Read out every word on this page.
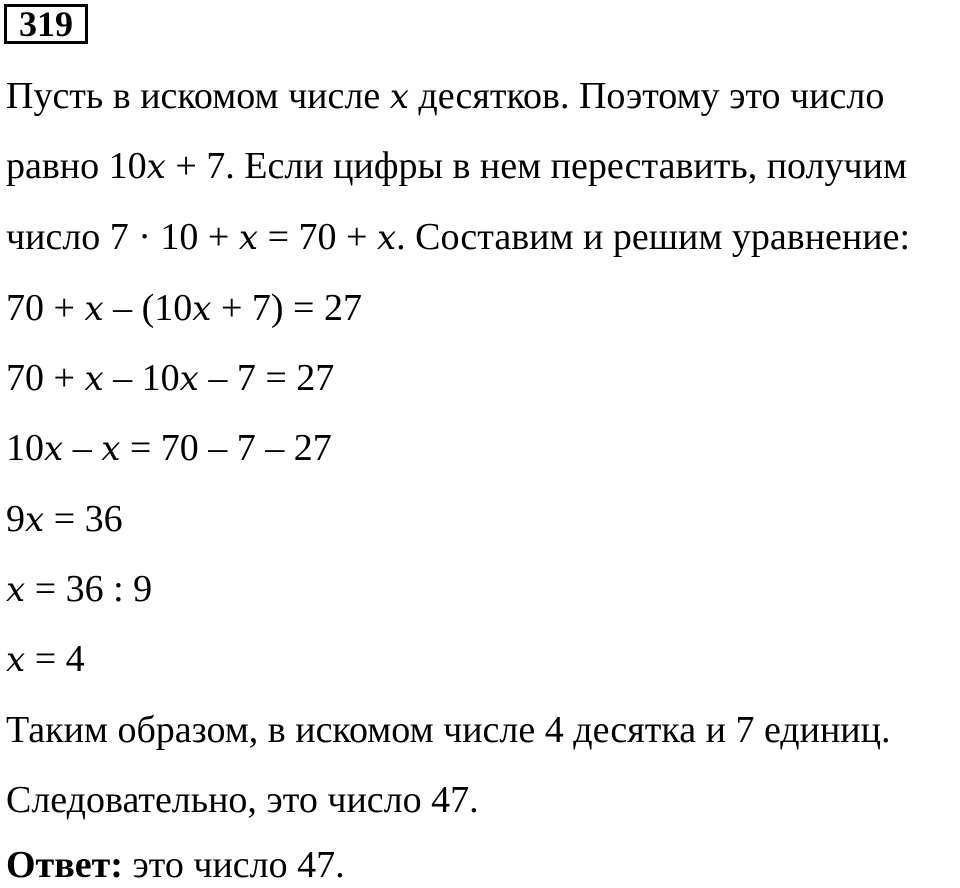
319
Пусть в искомом числе x десятков. Поэтому это число
равно 10x + 7. Если цифры в нем переставить, получим
число 7 · 10 + x = 70 + x. Составим и решим уравнение:
70 + x – (10x + 7) = 27
70 + x – 10x – 7 = 27
10x – x = 70 – 7 – 27
9x = 36
x = 36 : 9
x = 4
Таким образом, в искомом числе 4 десятка и 7 единиц.
Следовательно, это число 47.
Ответ: это число 47.
